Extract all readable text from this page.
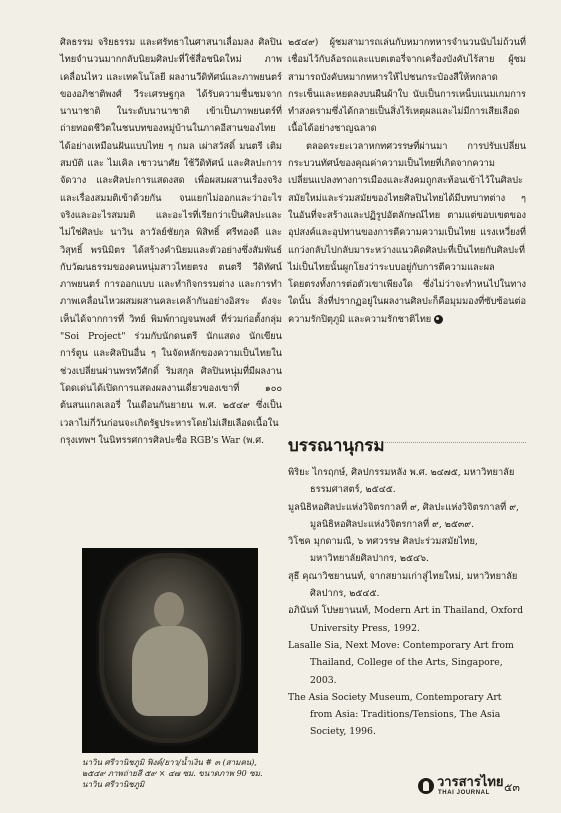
ศิลธรรม จริยธรรม และศรัทธาในศาสนาเลื่อมลง ศิลปินไทยจำนวนมากกลับนิยมศิลปะที่ใช้สื่อชนิดใหม่ ภาพเคลื่อนไหว และเทคโนโลยี ผลงานวีดิทัศน์และภาพยนตร์ของอภิชาติพงศ์ วีระเศรษฐกุล ได้รับความชื่นชมจากนานาชาติ ในระดับนานาชาติ เข้าเป็นภาพยนตร์ที่ถ่ายทอดชีวิตในชนบทของหมู่บ้านในภาคอีสานของไทยได้อย่างเหมือนฝันแบบไทย ๆ กมล เผ่าสวัสดิ์ มนตรี เติมสมบัติ และ ไมเคิล เชาวนาศัย ใช้วีดิทัศน์ และศิลปะการจัดวาง และศิลปะการแสดงสด เพื่อผสมผสานเรื่องจริงและเรื่องสมมติเข้าด้วยกัน จนแยกไม่ออกและว่าอะไรจริงและอะไรสมมติ และอะไรที่เรียกว่าเป็นศิลปะและไม่ใช่ศิลปะ นาวิน ลาวัลย์ชัยกุล พิสิทธิ์ ศรีทองดี และ วิสุทธิ์ พรนิมิตร ได้สร้างคำนิยมและตัวอย่างซึ่งสัมพันธ์กับวัฒนธรรมของคนหนุ่มสาวไทยตรง ตนตรี วีดิทัศน์ ภาพยนตร์ การออกแบบ และทำกิจกรรมต่าง และการทำภาพเคลื่อนไหวผสมผสานคละเคล้ากันอย่างอิสระ ดังจะเห็นได้จากการที่ วิทย์ พิมพ์กาญจนพงศ์ ที่ร่วมก่อตั้งกลุ่ม "Soi Project" ร่วมกับนักดนตรี นักแสดง นักเขียนการ์ตูน และศิลปินอื่น ๆ ในจัดหลักของความเป็นไทยในช่วงเปลี่ยนผ่านพรทวีศักดิ์ ริมสกุล ศิลปินหนุ่มที่มีผลงานโดดเด่นได้เปิดการแสดงผลงานเดี่ยวของเขาที่ ๑๐๐ ต้นสนแกลเลอรี่ ในเดือนกันยายน พ.ศ. ๒๕๔๙ ซึ่งเป็นเวลาไม่กี่วันก่อนจะเกิดรัฐประหารโดยไม่เสียเลือดเนื้อในกรุงเทพฯ ในนิทรรศการศิลปะชื่อ RGB's War (พ.ศ.

นาวิน ศรีวานิชภูมิ ฟิงค์/ยาว/น้ำเงิน # ๓ (สามคน), ๒๕๔๙ ภาพถ่ายสี ๕๙ × ๔๗ ซม. ขนาดภาพ 90 ซม. นาวิน ศรีวานิชภูมิ

๒๕๔๙) ผู้ชมสามารถเล่นกับหมากทหารจำนวนนับไม่ถ้วนที่เชื่อมไว้กับล้อรถและแบตเตอรี่จากเครื่องบังคับไร้สาย ผู้ชมสามารถบังคับหมากทหารให้ไปชนกระป๋องสีให้หกลาดกระเซ็นและหยดลงบนผืนผ้าใบ นับเป็นการเหน็บแนมเกมการทำสงครามซึ่งได้กลายเป็นสิ่งไร้เหตุผลและไม่มีการเสียเลือดเนื้อได้อย่างชาญฉลาด

ตลอดระยะเวลาหกทศวรรษที่ผ่านมา การปรับเปลี่ยนกระบวนทัศน์ของคุณค่าความเป็นไทยที่เกิดจากความเปลี่ยนแปลงทางการเมืองและสังคมถูกสะท้อนเข้าไว้ในศิลปะสมัยใหม่และร่วมสมัยของไทยศิลปินไทยได้มีบทบาทต่าง ๆ ในอันที่จะสร้างและปฏิรูปอัตลักษณ์ไทย ตามแต่ขอบเขตของอุปสงค์และอุปทานของการตีความความเป็นไทย แรงเหวี่ยงที่แกว่งกลับไปกลับมาระหว่างแนวคิดศิลปะที่เป็นไทยกับศิลปะที่ไม่เป็นไทยนั้นผูกโยงว่าระบบอยู่กับการตีความและผลโดยตรงทั้งการต่อตัวเขาเพียงใด ซึ่งไม่ว่าจะทำหนไปในทางใดนั้น สิ่งที่ปรากฏอยู่ในผลงานศิลปะก็คือมุมมองที่ซับซ้อนต่อความรักปิตุภูมิ และความรักชาติไทย

บรรณานุกรม
พิริยะ ไกรฤกษ์, ศิลปกรรมหลัง พ.ศ. ๒๔๗๕, มหาวิทยาลัยธรรมศาสตร์, ๒๕๔๕.
มูลนิธิหอศิลปะแห่งวิจิตรกาลที่ ๙, ศิลปะแห่งวิจิตรกาลที่ ๙, มูลนิธิหอศิลปะแห่งวิจิตรกาลที่ ๙, ๒๕๓๙.
วิโชค มุกดามณี, ๖ ทศวรรษ ศิลปะร่วมสมัยไทย, มหาวิทยาลัยศิลปากร, ๒๕๔๖.
สุธี คุณาวิชยานนท์, จากสยามเก่าสู่ไทยใหม่, มหาวิทยาลัยศิลปากร, ๒๕๔๕.
อภินันท์ โปษยานนท์, Modern Art in Thailand, Oxford University Press, 1992.
Lasalle Sia, Next Move: Contemporary Art from Thailand, College of the Arts, Singapore, 2003.
The Asia Society Museum, Contemporary Art from Asia: Traditions/Tensions, The Asia Society, 1996.
วารสารไทย
THAI JOURNAL ๕๓
